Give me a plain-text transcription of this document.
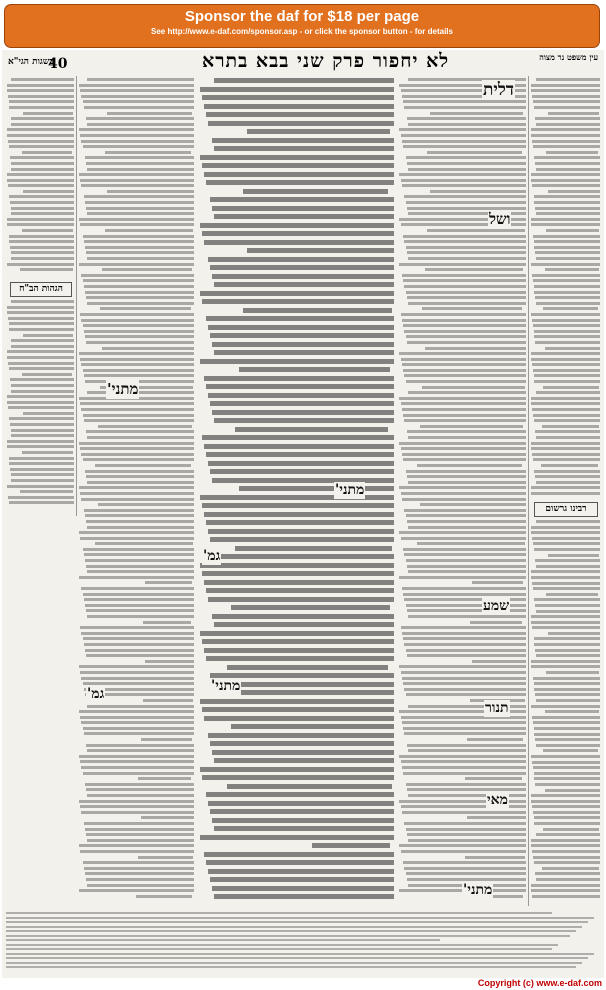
Sponsor the daf for $18 per page
See http://www.e-daf.com/sponsor.asp - or click the sponsor button - for details
40	לא יחפור פרק שני בבא בתרא
בשגות הגי"א	עין משפט נר מצוה
רבינו גרשום
הגהות הב"ח
דלית
ושל
מתני'
מתני'
גמ'
שמע
תנור
מאי
מתני'
גמ'
מתני'
Copyright (c) www.e-daf.com
